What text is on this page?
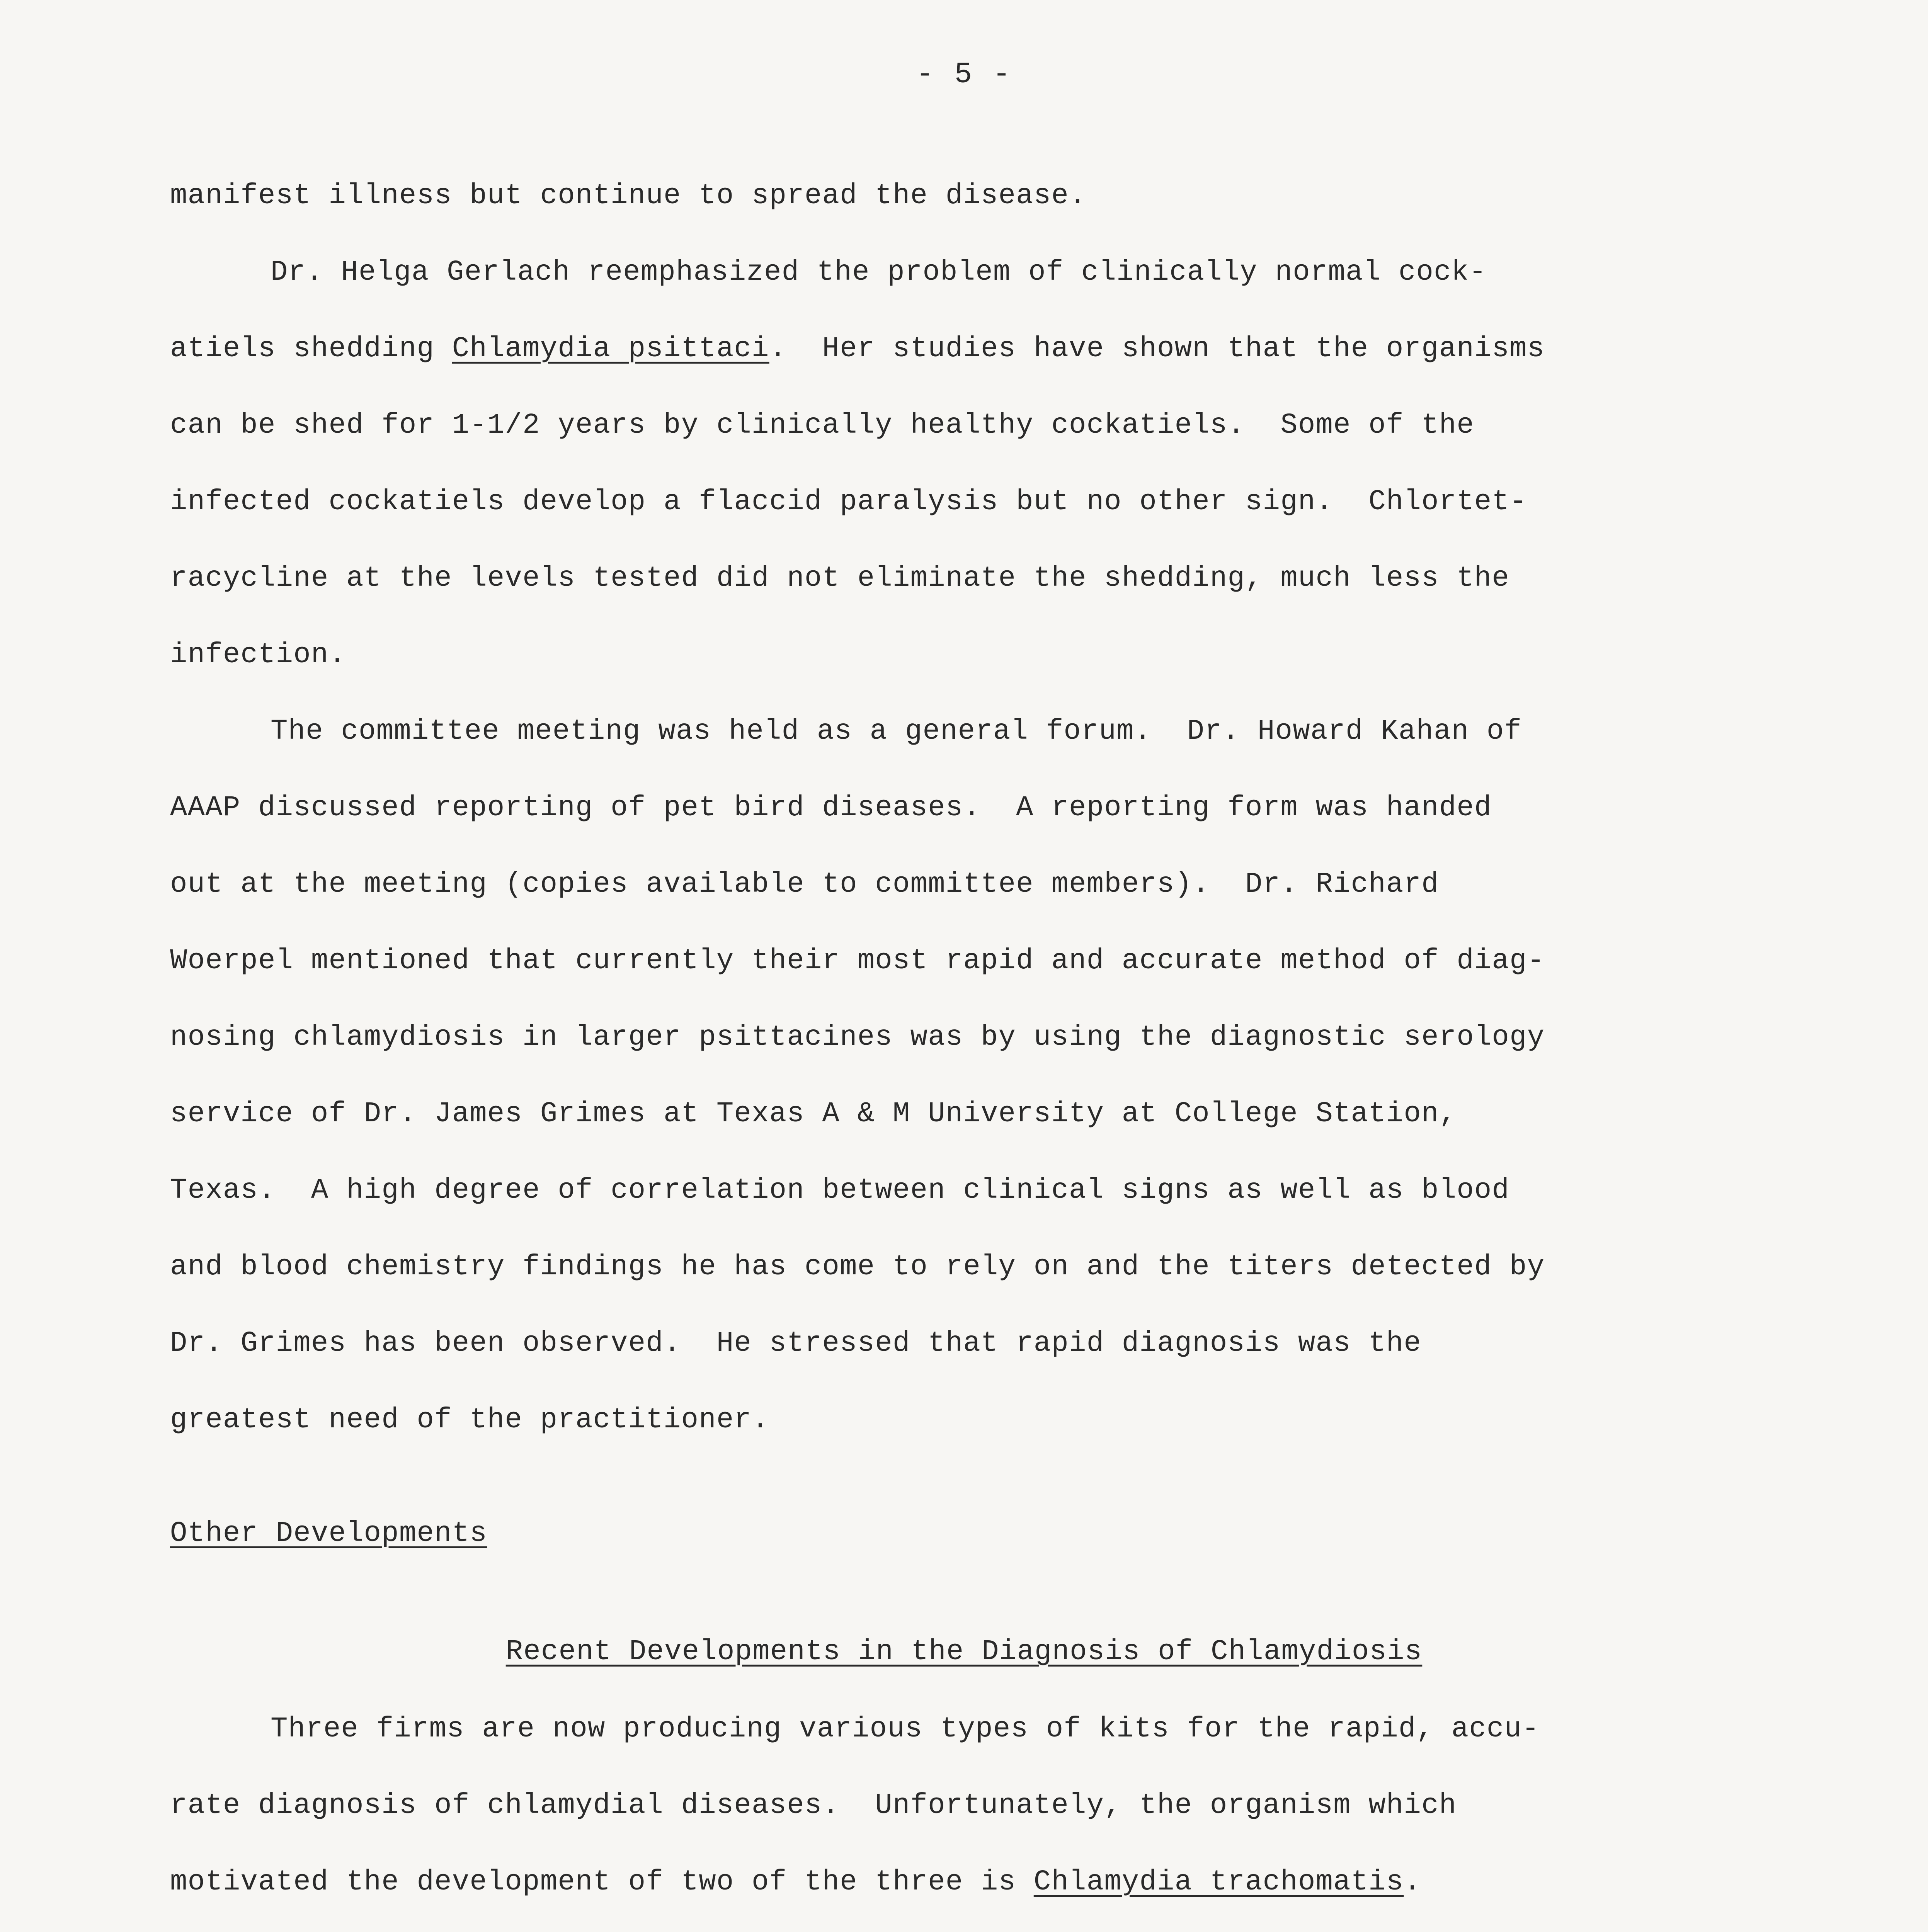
- 5 -
manifest illness but continue to spread the disease.
Dr. Helga Gerlach reemphasized the problem of clinically normal cock-
atiels shedding Chlamydia psittaci.  Her studies have shown that the organisms
can be shed for 1-1/2 years by clinically healthy cockatiels.  Some of the
infected cockatiels develop a flaccid paralysis but no other sign.  Chlortet-
racycline at the levels tested did not eliminate the shedding, much less the
infection.
The committee meeting was held as a general forum.  Dr. Howard Kahan of
AAAP discussed reporting of pet bird diseases.  A reporting form was handed
out at the meeting (copies available to committee members).  Dr. Richard
Woerpel mentioned that currently their most rapid and accurate method of diag-
nosing chlamydiosis in larger psittacines was by using the diagnostic serology
service of Dr. James Grimes at Texas A & M University at College Station,
Texas.  A high degree of correlation between clinical signs as well as blood
and blood chemistry findings he has come to rely on and the titers detected by
Dr. Grimes has been observed.  He stressed that rapid diagnosis was the
greatest need of the practitioner.
Other Developments
Recent Developments in the Diagnosis of Chlamydiosis
Three firms are now producing various types of kits for the rapid, accu-
rate diagnosis of chlamydial diseases.  Unfortunately, the organism which
motivated the development of two of the three is Chlamydia trachomatis.
